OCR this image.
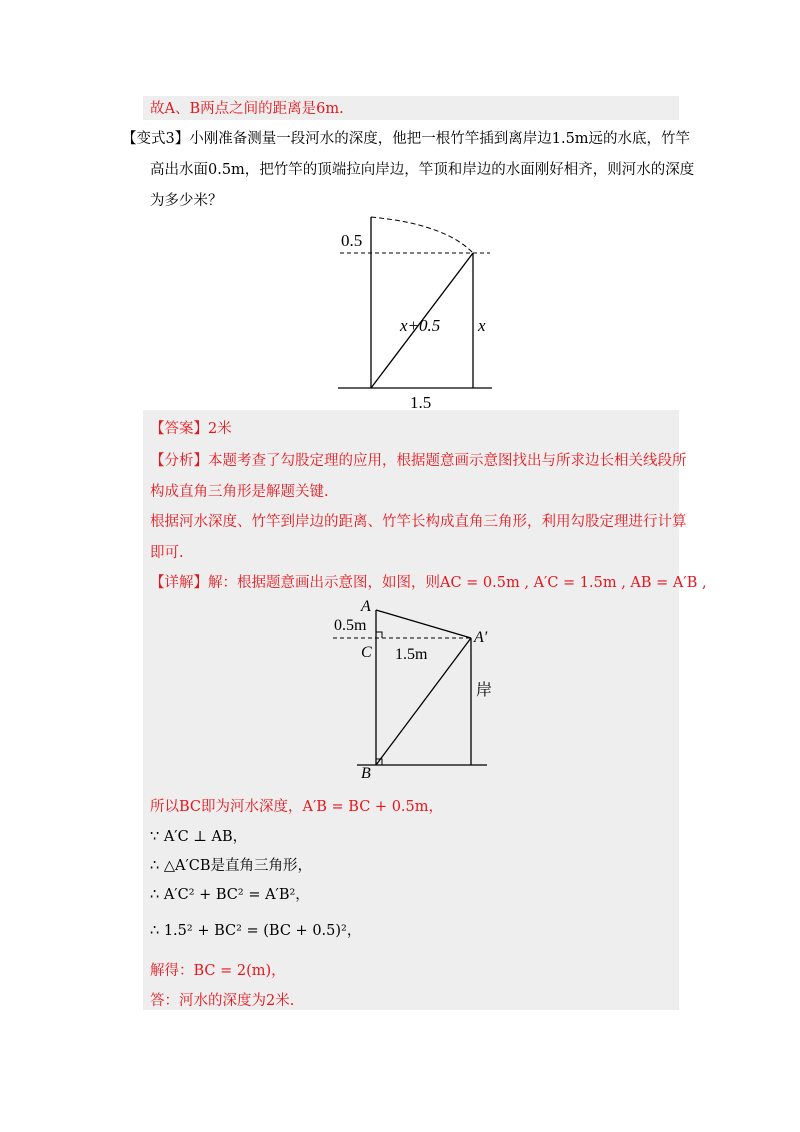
故A、B两点之间的距离是6m.
【变式3】小刚准备测量一段河水的深度，他把一根竹竿插到离岸边1.5m远的水底，竹竿
高出水面0.5m，把竹竿的顶端拉向岸边，竿顶和岸边的水面刚好相齐，则河水的深度
为多少米？
0.5
x+0.5 x
1.5
【答案】2米
【分析】本题考查了勾股定理的应用，根据题意画示意图找出与所求边长相关线段所
构成直角三角形是解题关键.
根据河水深度、竹竿到岸边的距离、竹竿长构成直角三角形，利用勾股定理进行计算
即可.
【详解】解：根据题意画出示意图，如图，则AC = 0.5m , A′C = 1.5m , AB = A′B ,
A
0.5m
C 1.5m
A′
岸
B
所以BC即为河水深度，A′B = BC + 0.5m，
∵ A′C ⊥ AB，
∴ △A′CB是直角三角形，
∴ A′C² + BC² = A′B²，
∴ 1.5² + BC² = (BC + 0.5)²，
解得：BC = 2(m)，
答：河水的深度为2米.
